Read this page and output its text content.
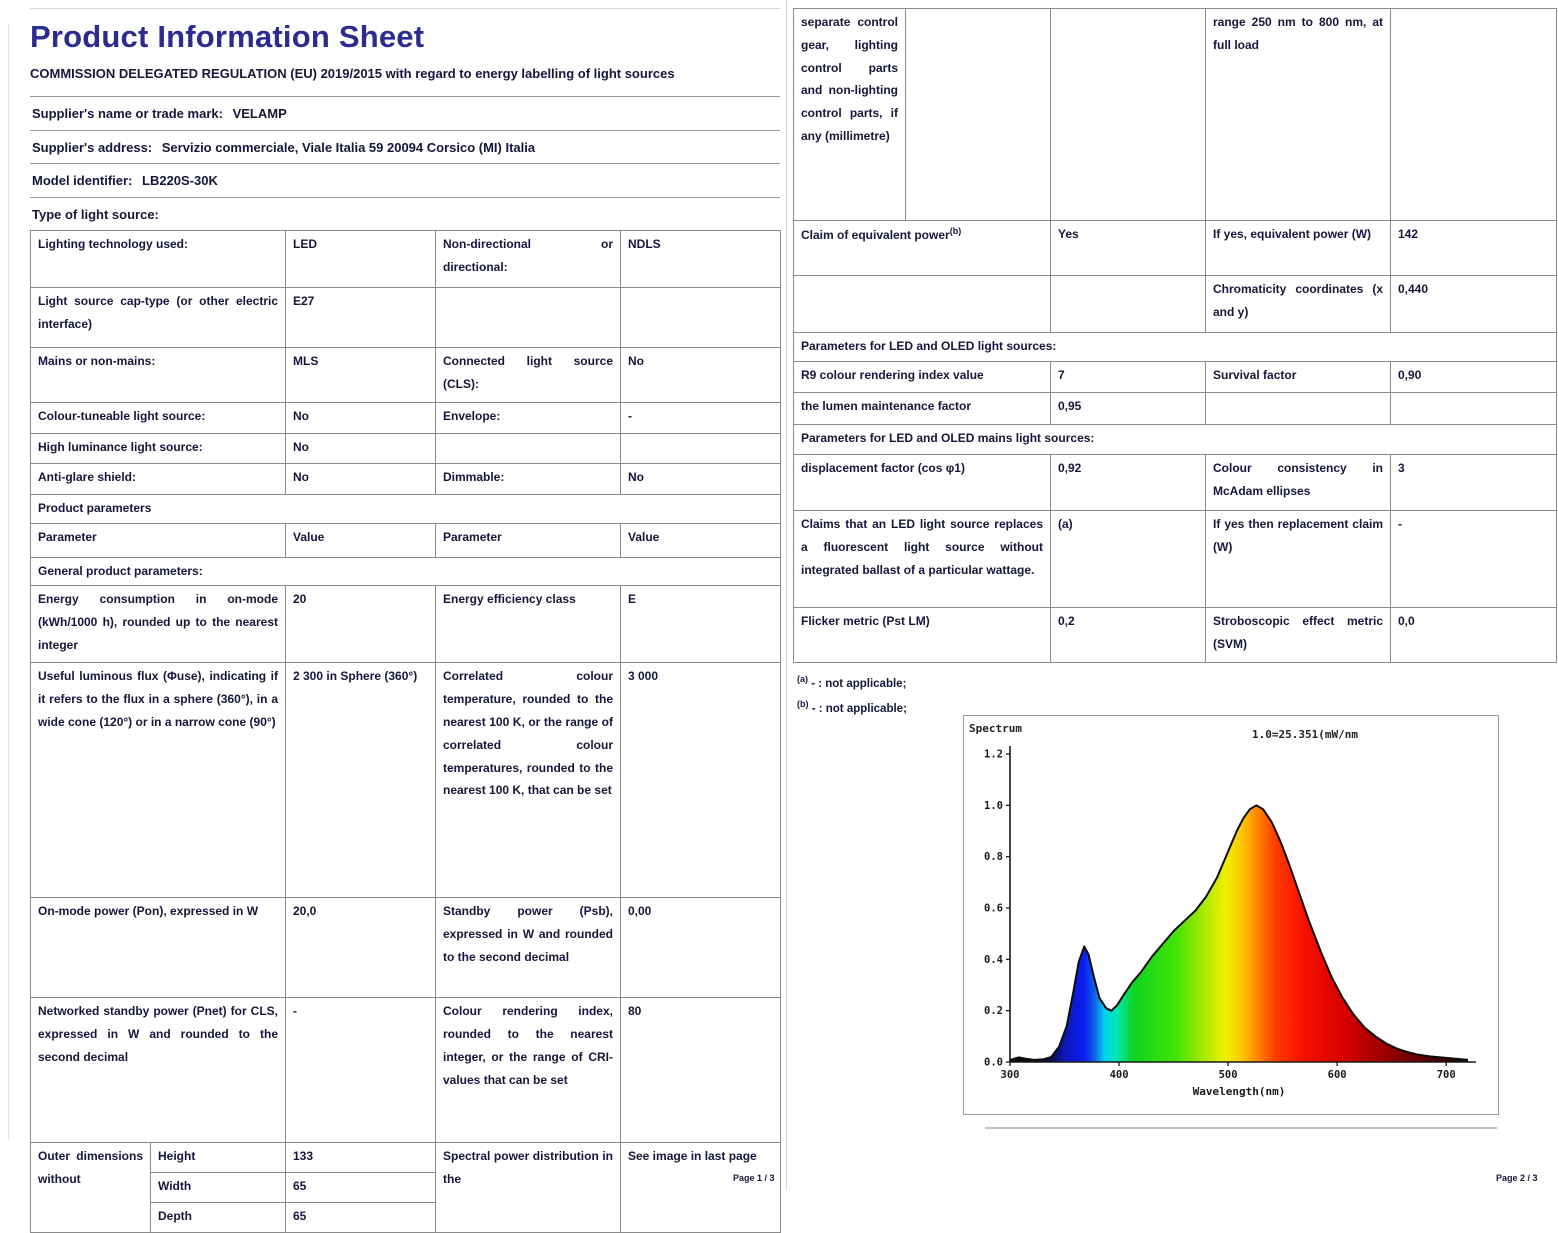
Product Information Sheet

COMMISSION DELEGATED REGULATION (EU) 2019/2015 with regard to energy labelling of light sources

Supplier's name or trade mark: VELAMP
Supplier's address: Servizio commerciale, Viale Italia 59 20094 Corsico (MI) Italia
Model identifier: LB220S-30K
Type of light source:
Lighting technology used:		LED	Non-directional or directional:	NDLS
Light source cap-type (or other electric interface)		E27		
Mains or non-mains:		MLS	Connected light source (CLS):	No
Colour-tuneable light source:		No	Envelope:	-
High luminance light source:		No		
Anti-glare shield:		No	Dimmable:	No
Product parameters				
Parameter		Value	Parameter	Value
General product parameters:				
Energy consumption in on-mode (kWh/1000 h), rounded up to the nearest integer		20	Energy efficiency class	E
Useful luminous flux (Φuse), indicating if it refers to the flux in a sphere (360°), in a wide cone (120°) or in a narrow cone (90°)		2 300 in Sphere (360°)	Correlated colour temperature, rounded to the nearest 100 K, or the range of correlated colour temperatures, rounded to the nearest 100 K, that can be set	3 000
On-mode power (Pon), expressed in W		20,0	Standby power (Psb), expressed in W and rounded to the second decimal	0,00
Networked standby power (Pnet) for CLS, expressed in W and rounded to the second decimal		-	Colour rendering index, rounded to the nearest integer, or the range of CRI-values that can be set	80
Outer dimensions without	Height	133	Spectral power distribution in the	See image in last page
	Width	65		
	Depth	65		
separate control gear, lighting control parts and non-lighting control parts, if any (millimetre)			range 250 nm to 800 nm, at full load	
Claim of equivalent power$^{(b)}$		Yes	If yes, equivalent power (W)	142
			Chromaticity coordinates (x and y)	0,440
Parameters for LED and OLED light sources:				
R9 colour rendering index value		7	Survival factor	0,90
the lumen maintenance factor		0,95		
Parameters for LED and OLED mains light sources:				
displacement factor (cos φ1)		0,92	Colour consistency in McAdam ellipses	3
Claims that an LED light source replaces a fluorescent light source without integrated ballast of a particular wattage.		(a)	If yes then replacement claim (W)	-
Flicker metric (Pst LM)		0,2	Stroboscopic effect metric (SVM)	0,0
$^{(a)}$ - : not applicable;
$^{(b)}$ - : not applicable;
0.0
0.2
0.4
0.6
0.8
1.0
1.2
300	400	500	600	700
Wavelength(nm)
Spectrum	1.0=25.351(mW/nm
Page 1 / 3	Page 2 / 3
